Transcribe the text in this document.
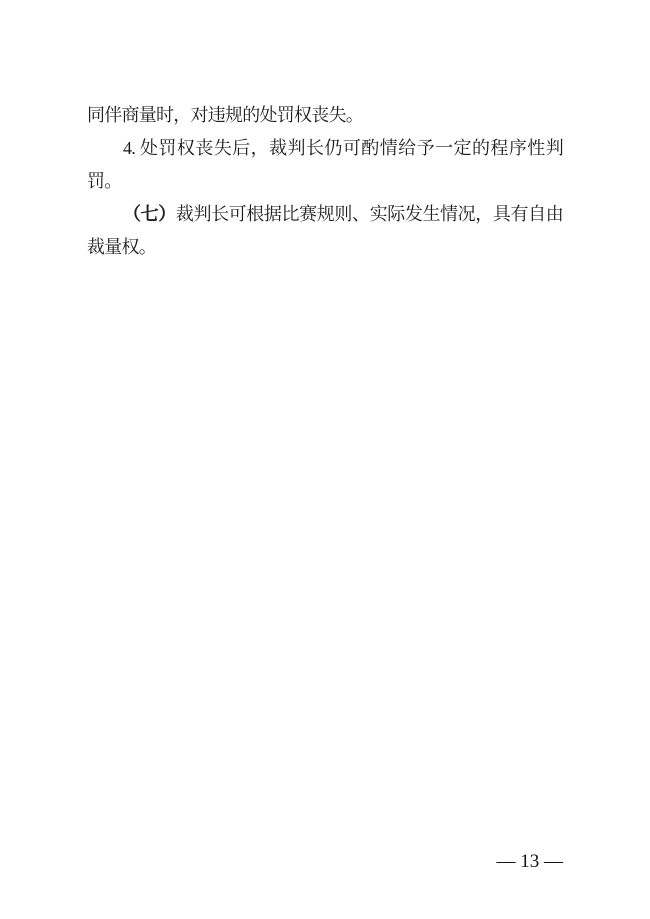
同伴商量时，对违规的处罚权丧失。
4. 处罚权丧失后，裁判长仍可酌情给予一定的程序性判
罚。
（七）裁判长可根据比赛规则、实际发生情况，具有自由
裁量权。
— 13 —
